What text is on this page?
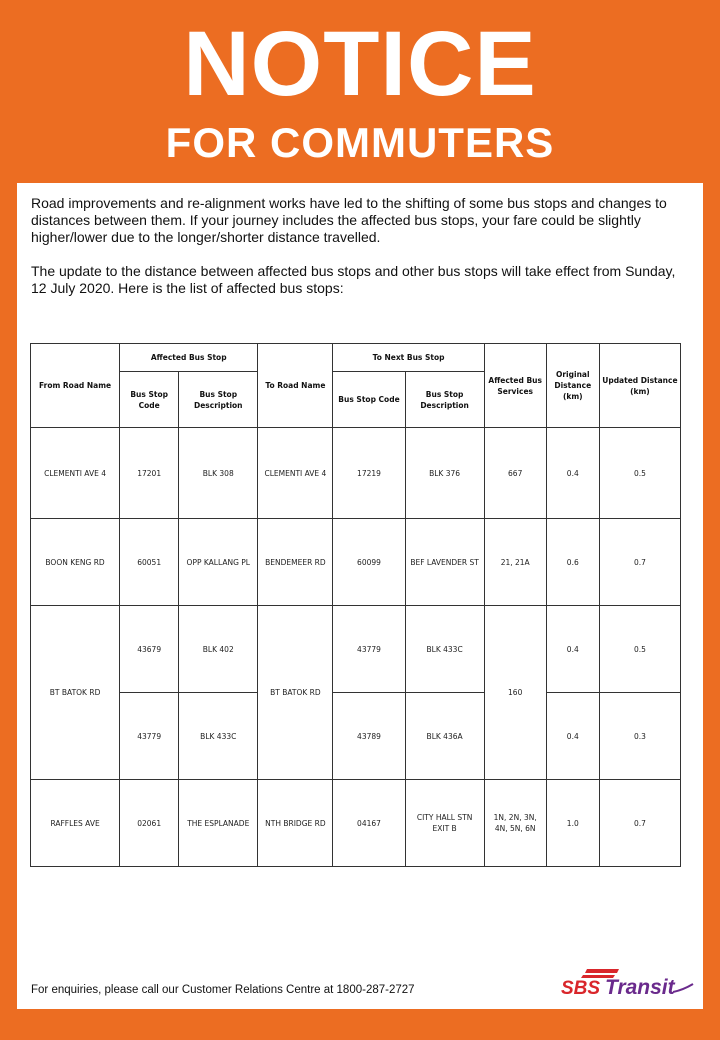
NOTICE
FOR COMMUTERS

Road improvements and re-alignment works have led to the shifting of some bus stops and changes to distances between them. If your journey includes the affected bus stops, your fare could be slightly higher/lower due to the longer/shorter distance travelled.

The update to the distance between affected bus stops and other bus stops will take effect from Sunday, 12 July 2020. Here is the list of affected bus stops:

From Road Name	Affected Bus Stop		To Road Name	To Next Bus Stop		Affected Bus Services	Original Distance (km)	Updated Distance (km)
	Bus Stop Code	Bus Stop Description		Bus Stop Code	Bus Stop Description			
CLEMENTI AVE 4	17201	BLK 308	CLEMENTI AVE 4	17219	BLK 376	667	0.4	0.5
BOON KENG RD	60051	OPP KALLANG PL	BENDEMEER RD	60099	BEF LAVENDER ST	21, 21A	0.6	0.7
BT BATOK RD	43679	BLK 402	BT BATOK RD	43779	BLK 433C	160	0.4	0.5
	43779	BLK 433C		43789	BLK 436A		0.4	0.3
RAFFLES AVE	02061	THE ESPLANADE	NTH BRIDGE RD	04167	CITY HALL STN EXIT B	1N, 2N, 3N, 4N, 5N, 6N	1.0	0.7
For enquiries, please call our Customer Relations Centre at 1800-287-2727	SBS Transit
